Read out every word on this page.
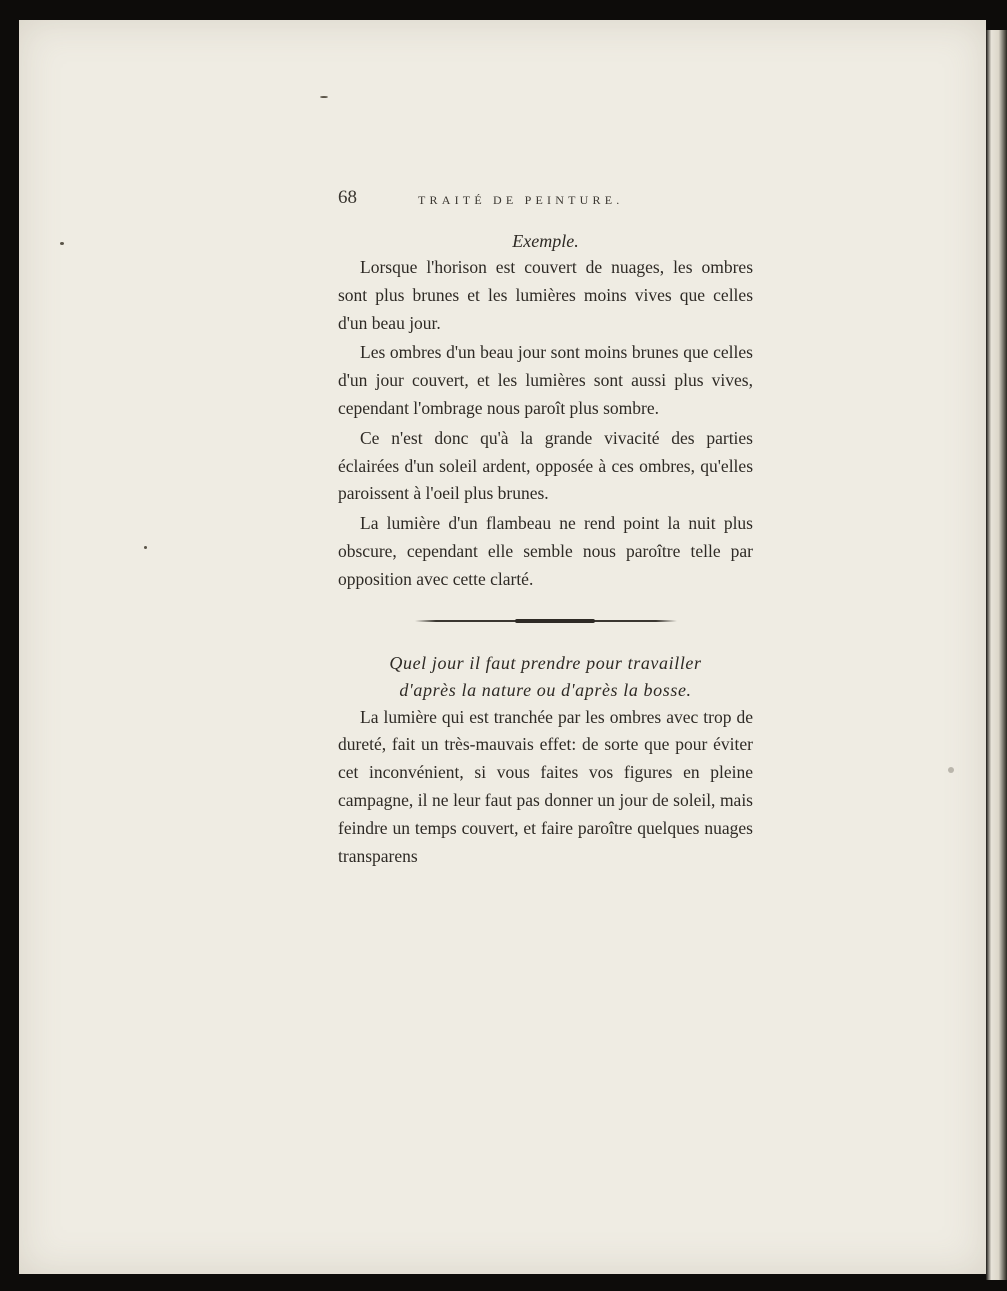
68	TRAITÉ DE PEINTURE.
Exemple.

Lorsque l'horison est couvert de nuages, les ombres sont plus brunes et les lumières moins vives que celles d'un beau jour.

Les ombres d'un beau jour sont moins brunes que celles d'un jour couvert, et les lumières sont aussi plus vives, cependant l'ombrage nous paroît plus sombre.

Ce n'est donc qu'à la grande vivacité des parties éclairées d'un soleil ardent, opposée à ces ombres, qu'elles paroissent à l'oeil plus brunes.

La lumière d'un flambeau ne rend point la nuit plus obscure, cependant elle semble nous paroître telle par opposition avec cette clarté.

Quel jour il faut prendre pour travailler
d'après la nature ou d'après la bosse.

La lumière qui est tranchée par les ombres avec trop de dureté, fait un très-mauvais effet: de sorte que pour éviter cet inconvénient, si vous faites vos figures en pleine campagne, il ne leur faut pas donner un jour de soleil, mais feindre un temps couvert, et faire paroître quelques nuages transparens
